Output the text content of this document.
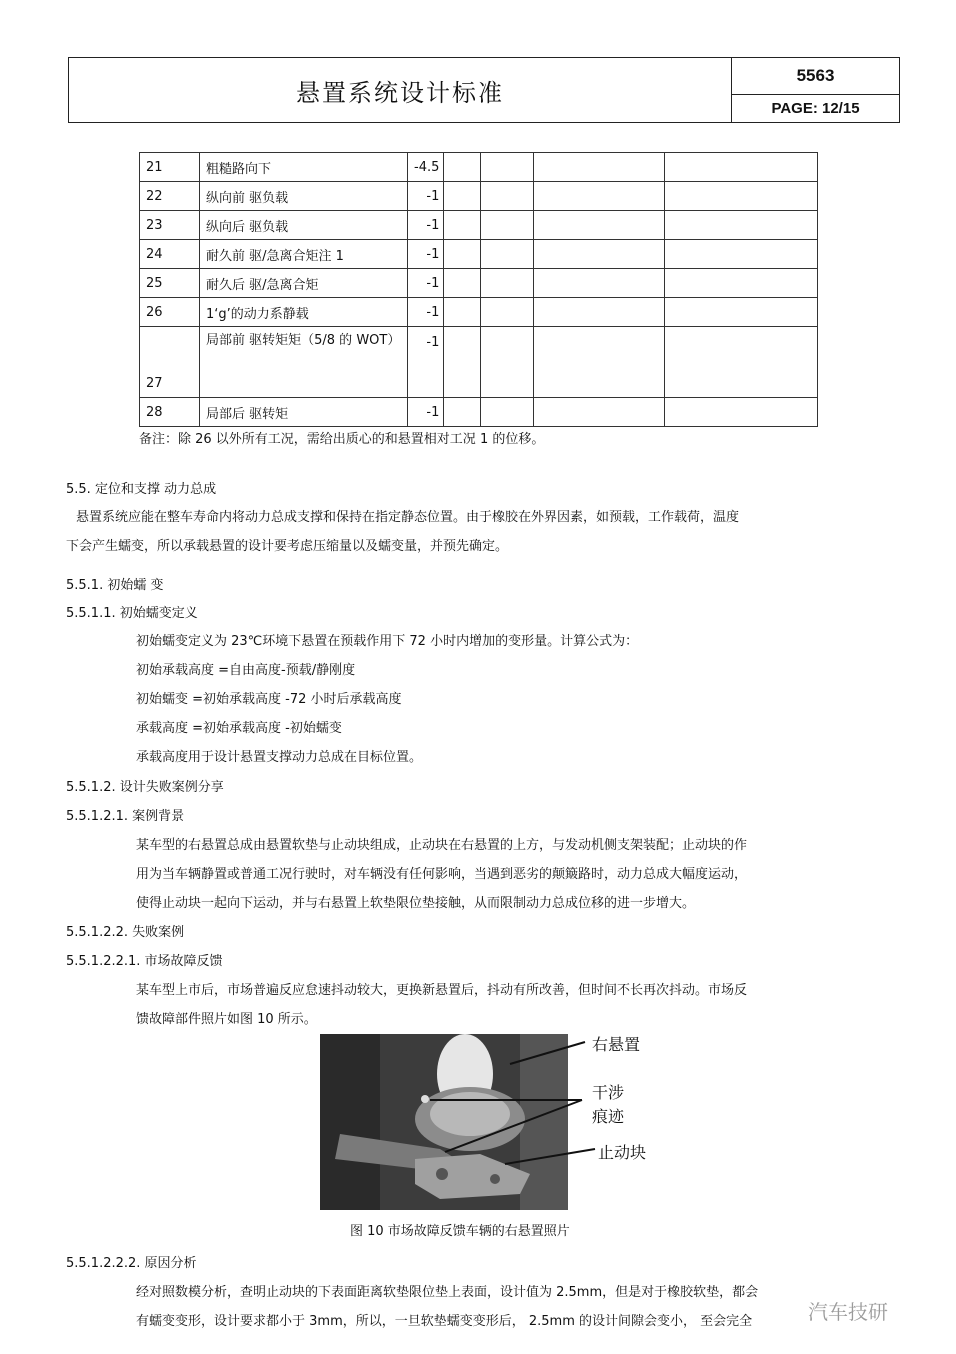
悬置系统设计标准
5563
PAGE: 12/15
21	粗糙路向下	-4.5				
22	纵向前 驱负载	-1				
23	纵向后 驱负载	-1				
24	耐久前 驱/急离合矩注 1	-1				
25	耐久后 驱/急离合矩	-1				
26	1‘g’的动力系静载	-1				
27	局部前 驱转矩矩（5/8 的 WOT）	-1				
28	局部后 驱转矩	-1				
备注：除 26 以外所有工况，需给出质心的和悬置相对工况 1 的位移。
5.5. 定位和支撑 动力总成
悬置系统应能在整车寿命内将动力总成支撑和保持在指定静态位置。由于橡胶在外界因素，如预载，工作载荷，温度
下会产生蠕变，所以承载悬置的设计要考虑压缩量以及蠕变量，并预先确定。
5.5.1. 初始蠕 变
5.5.1.1. 初始蠕变定义
初始蠕变定义为 23℃环境下悬置在预载作用下 72 小时内增加的变形量。计算公式为：
初始承载高度 =自由高度-预载/静刚度
初始蠕变 =初始承载高度 -72 小时后承载高度
承载高度 =初始承载高度 -初始蠕变
承载高度用于设计悬置支撑动力总成在目标位置。
5.5.1.2. 设计失败案例分享
5.5.1.2.1. 案例背景
某车型的右悬置总成由悬置软垫与止动块组成，止动块在右悬置的上方，与发动机侧支架装配；止动块的作
用为当车辆静置或普通工况行驶时，对车辆没有任何影响，当遇到恶劣的颠簸路时，动力总成大幅度运动，
使得止动块一起向下运动，并与右悬置上软垫限位垫接触，从而限制动力总成位移的进一步增大。
5.5.1.2.2. 失败案例
5.5.1.2.2.1. 市场故障反馈
某车型上市后，市场普遍反应怠速抖动较大，更换新悬置后，抖动有所改善，但时间不长再次抖动。市场反
馈故障部件照片如图 10 所示。
右悬置
干涉
痕迹
止动块
图 10 市场故障反馈车辆的右悬置照片
5.5.1.2.2.2. 原因分析
经对照数模分析，查明止动块的下表面距离软垫限位垫上表面，设计值为 2.5mm，但是对于橡胶软垫，都会
有蠕变变形，设计要求都小于 3mm，所以，一旦软垫蠕变变形后， 2.5mm 的设计间隙会变小， 至会完全	汽车技研
